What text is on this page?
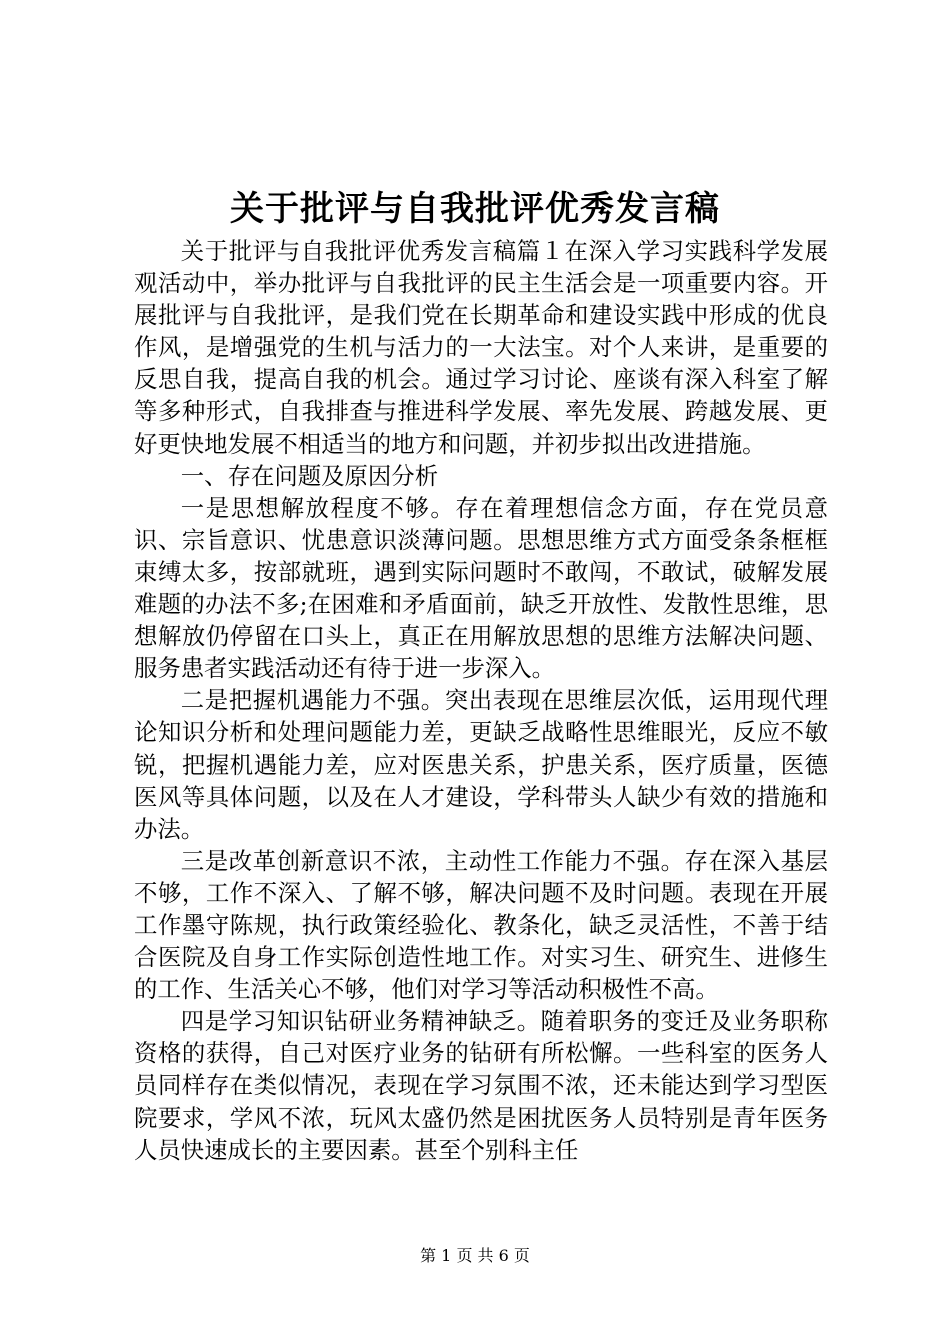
关于批评与自我批评优秀发言稿

关于批评与自我批评优秀发言稿篇１在深入学习实践科学发展观活动中，举办批评与自我批评的民主生活会是一项重要内容。开展批评与自我批评，是我们党在长期革命和建设实践中形成的优良作风，是增强党的生机与活力的一大法宝。对个人来讲，是重要的反思自我，提高自我的机会。通过学习讨论、座谈有深入科室了解等多种形式，自我排查与推进科学发展、率先发展、跨越发展、更好更快地发展不相适当的地方和问题，并初步拟出改进措施。

一、存在问题及原因分析

一是思想解放程度不够。存在着理想信念方面，存在党员意识、宗旨意识、忧患意识淡薄问题。思想思维方式方面受条条框框束缚太多，按部就班，遇到实际问题时不敢闯，不敢试，破解发展难题的办法不多;在困难和矛盾面前，缺乏开放性、发散性思维，思想解放仍停留在口头上，真正在用解放思想的思维方法解决问题、服务患者实践活动还有待于进一步深入。

二是把握机遇能力不强。突出表现在思维层次低，运用现代理论知识分析和处理问题能力差，更缺乏战略性思维眼光，反应不敏锐，把握机遇能力差，应对医患关系，护患关系，医疗质量，医德医风等具体问题，以及在人才建设，学科带头人缺少有效的措施和办法。

三是改革创新意识不浓，主动性工作能力不强。存在深入基层不够，工作不深入、了解不够，解决问题不及时问题。表现在开展工作墨守陈规，执行政策经验化、教条化，缺乏灵活性，不善于结合医院及自身工作实际创造性地工作。对实习生、研究生、进修生的工作、生活关心不够，他们对学习等活动积极性不高。

四是学习知识钻研业务精神缺乏。随着职务的变迁及业务职称资格的获得，自己对医疗业务的钻研有所松懈。一些科室的医务人员同样存在类似情况，表现在学习氛围不浓，还未能达到学习型医院要求，学风不浓，玩风太盛仍然是困扰医务人员特别是青年医务人员快速成长的主要因素。甚至个别科主任

第 1 页 共 6 页
